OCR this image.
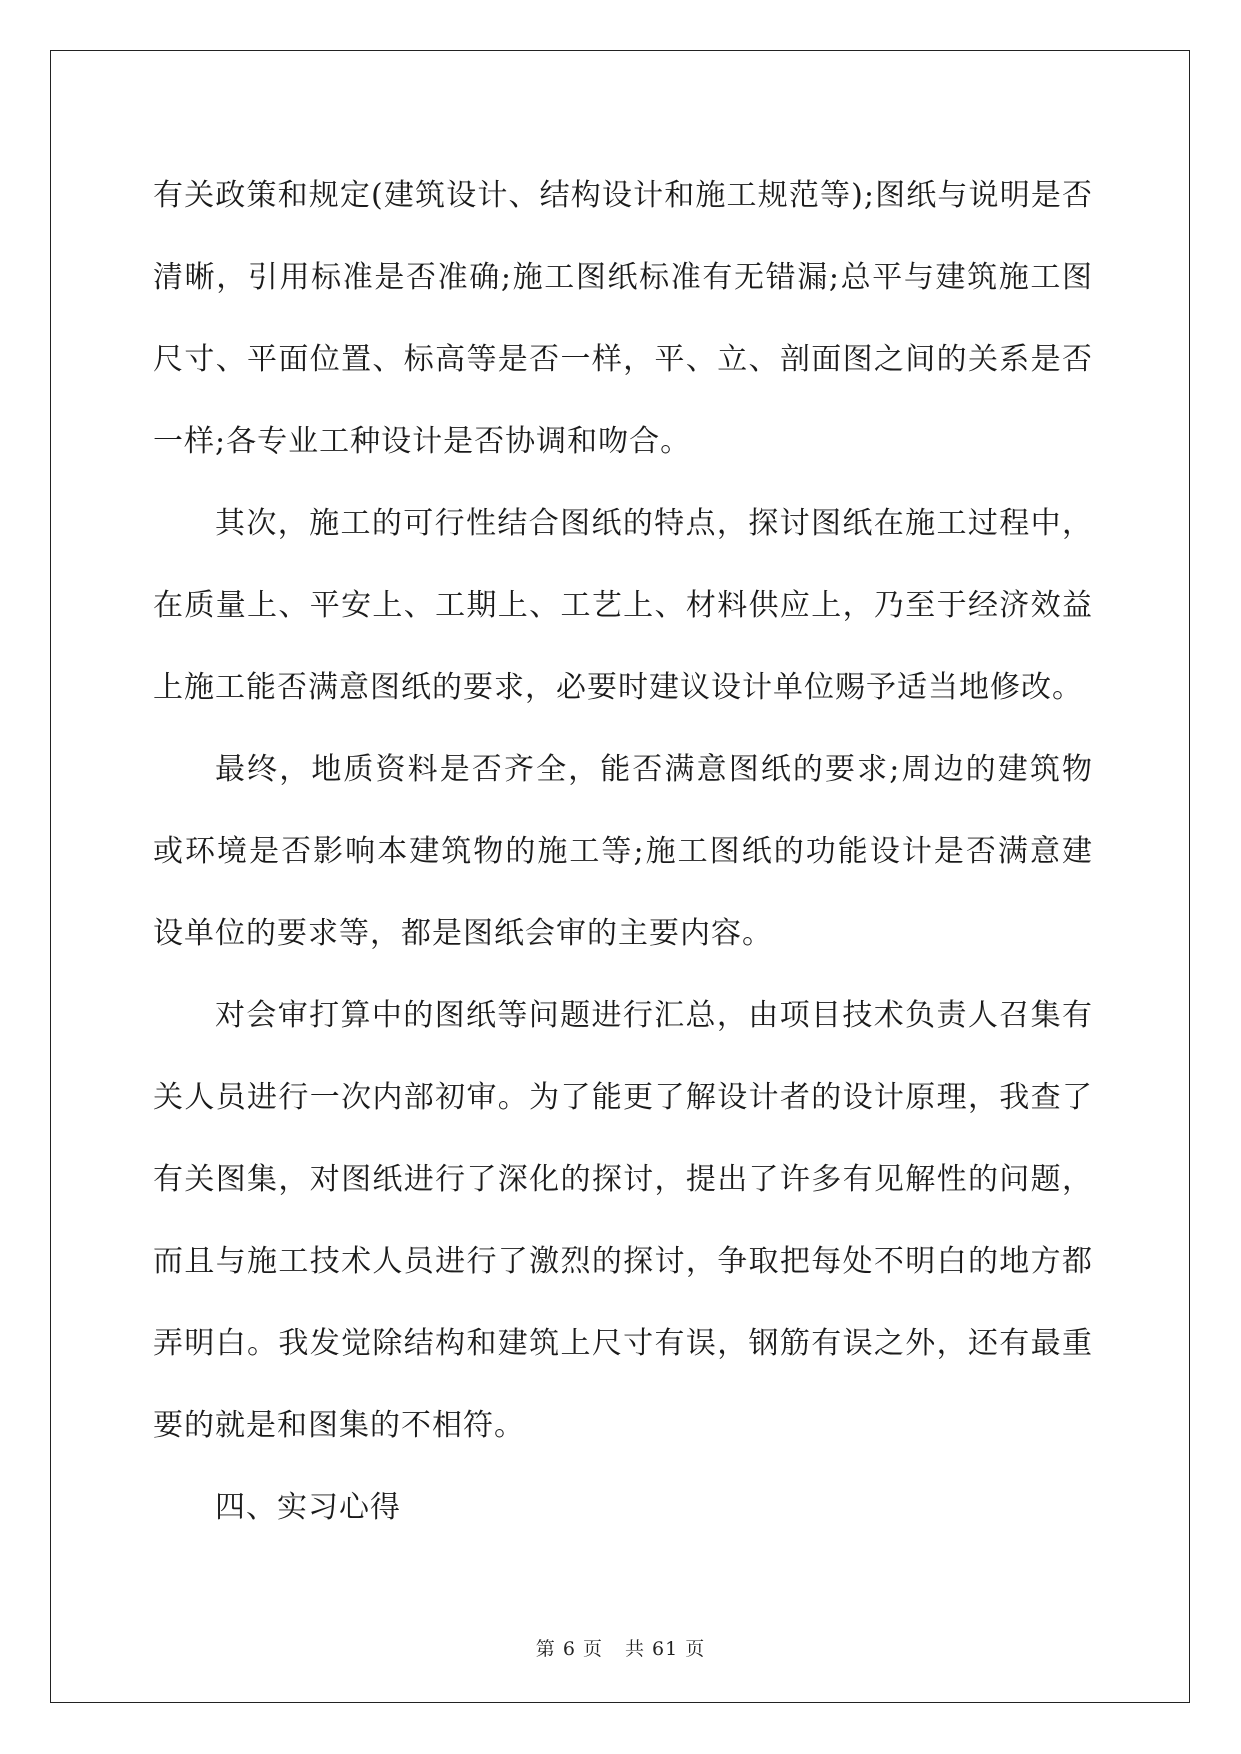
有关政策和规定(建筑设计、结构设计和施工规范等);图纸与说明是否清晰，引用标准是否准确;施工图纸标准有无错漏;总平与建筑施工图尺寸、平面位置、标高等是否一样，平、立、剖面图之间的关系是否一样;各专业工种设计是否协调和吻合。

其次，施工的可行性结合图纸的特点，探讨图纸在施工过程中，在质量上、平安上、工期上、工艺上、材料供应上，乃至于经济效益上施工能否满意图纸的要求，必要时建议设计单位赐予适当地修改。

最终，地质资料是否齐全，能否满意图纸的要求;周边的建筑物或环境是否影响本建筑物的施工等;施工图纸的功能设计是否满意建设单位的要求等，都是图纸会审的主要内容。

对会审打算中的图纸等问题进行汇总，由项目技术负责人召集有关人员进行一次内部初审。为了能更了解设计者的设计原理，我查了有关图集，对图纸进行了深化的探讨，提出了许多有见解性的问题，而且与施工技术人员进行了激烈的探讨，争取把每处不明白的地方都弄明白。我发觉除结构和建筑上尺寸有误，钢筋有误之外，还有最重要的就是和图集的不相符。

四、实习心得

第 6 页 共 61 页
